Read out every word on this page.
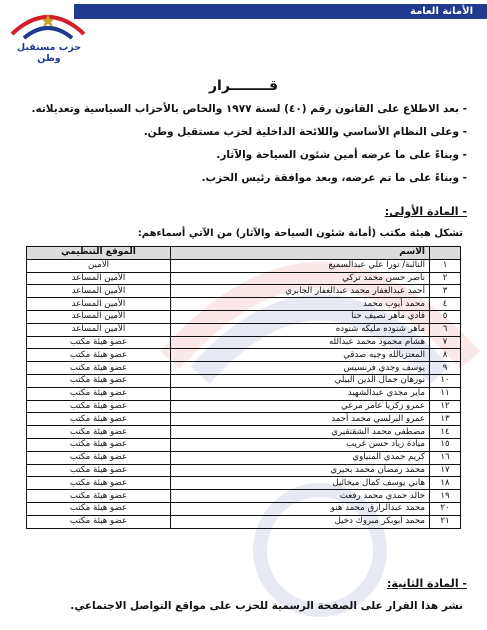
الأمانة العامة
حزب مستقبل وطن
قــــــــرار
- بعد الاطلاع على القانون رقم (٤٠) لسنة ١٩٧٧ والخاص بالأحزاب السياسية وتعديلاته.
- وعلى النظام الأساسي واللائحة الداخلية لحزب مستقبل وطن.
- وبناءً على ما عرضه أمين شئون السياحة والآثار.
- وبناءً على ما تم عرضه، وبعد موافقة رئيس الحزب.
- المادة الأولى:
تشكل هيئة مكتب (أمانة شئون السياحة والآثار) من الآتي أسماءهم:
	الاسم	الموقع التنظيمي
١	النائبة/ نورا علي عبدالسميع	الامين
٢	ناصر حسن محمد تركي	الأمين المساعد
٣	أحمد عبدالغفار محمد عبدالغفار الجابري	الأمين المساعد
٤	محمد أيوب محمد	الأمين المساعد
٥	فادي ماهر نصيف حنا	الأمين المساعد
٦	ماهر شنوده مليكه شنوده	الأمين المساعد
٧	هشام محمود محمد عبدالله	عضو هيئة مكتب
٨	المعتزبالله وجيه صدقي	عضو هيئة مكتب
٩	يوسف وجدي فرنسيس	عضو هيئة مكتب
١٠	نورهان جمال الدين البيلي	عضو هيئة مكتب
١١	ماير مجدي عبدالشهيد	عضو هيئة مكتب
١٢	عمرو زكريا عامر مرعي	عضو هيئة مكتب
١٣	عمرو البرلسي محمد أحمد	عضو هيئة مكتب
١٤	مصطفى محمد الشقنقيري	عضو هيئة مكتب
١٥	ميادة زياد حسن غريب	عضو هيئة مكتب
١٦	كريم حمدي المنياوي	عضو هيئة مكتب
١٧	محمد رمضان محمد بحيري	عضو هيئة مكتب
١٨	هاني يوسف كمال ميخائيل	عضو هيئة مكتب
١٩	خالد حمدي محمد رفعت	عضو هيئة مكتب
٢٠	محمد عبدالرازق محمد هنو	عضو هيئة مكتب
٢١	محمد أبوبكر مبروك دخيل	عضو هيئة مكتب
- المادة الثانية:
نشر هذا القرار على الصفحة الرسمية للحزب على مواقع التواصل الاجتماعي.
